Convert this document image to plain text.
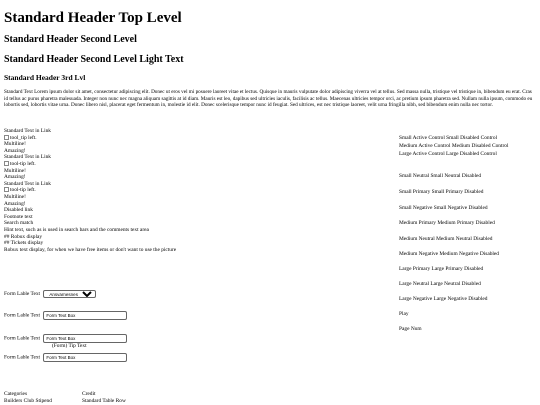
Standard Header Top Level
Standard Header Second Level
Standard Header Second Level Light Text
Standard Header 3rd Lvl
Standard Text Lorem ipsum dolor sit amet, consectetur adipiscing elit. Donec ut eros vel mi posuere laoreet vitae et lectus. Quisque in mauris vulputate dolor adipiscing viverra vel at tellus. Sed massa nulla, tristique vel tristique in, bibendum eu erat. Cras id tellus ac purus pharetra malesuada. Integer non nunc nec magna aliquam sagittis at id diam. Mauris est leo, dapibus sed ultricies iaculis, facilisis ac tellus. Maecenas ultricies tempor orci, ac pretium ipsum pharetra sed. Nullam nulla ipsum, commodo eu lobortis sed, lobortis vitae urna. Donec libero nisl, placerat eget fermentum in, molestie id elit. Donec scelerisque tempor nunc id feugiat. Sed ultrices, est nec tristique laoreet, velit urna fringilla nibh, sed bibendum enim nulla nec tortor.
Standard Text in Link
tool_tip left.
Multiline!
Amazing!
Standard Text in Link
tool-tip left.
Multiline!
Amazing!
Standard Text in Link
tool-tip left.
Multiline!
Amazing!
Disabled link
Footnote text
Search match
Hint text, such as is used in search bars and the comments text area
## Robux display
## Tickets display
Robux text display, for when we have free items or don't want to use the picture
Small Active Control Small Disabled Control
Medium Active Control Medium Disabled Control
Large Active Control Large Disabled Control
Small Neutral Small Neutral Disabled
Small Primary Small Primary Disabled
Small Negative Small Negative Disabled
Medium Primary Medium Primary Disabled
Medium Neutral Medium Neutral Disabled
Medium Negative Medium Negative Disabled
Large Primary Large Primary Disabled
Large Neutral Large Neutral Disabled
Large Negative Large Negative Disabled
Play
Page Num
Form Lable Text
Ansvarnesnes
Form Lable Text Form Text Box
Form Lable Text Form Text Box
(Form) Tip Text
Form Lable Text Form Text Box
Categories	Credit
Builders Club Stipend	Standard Table Row
